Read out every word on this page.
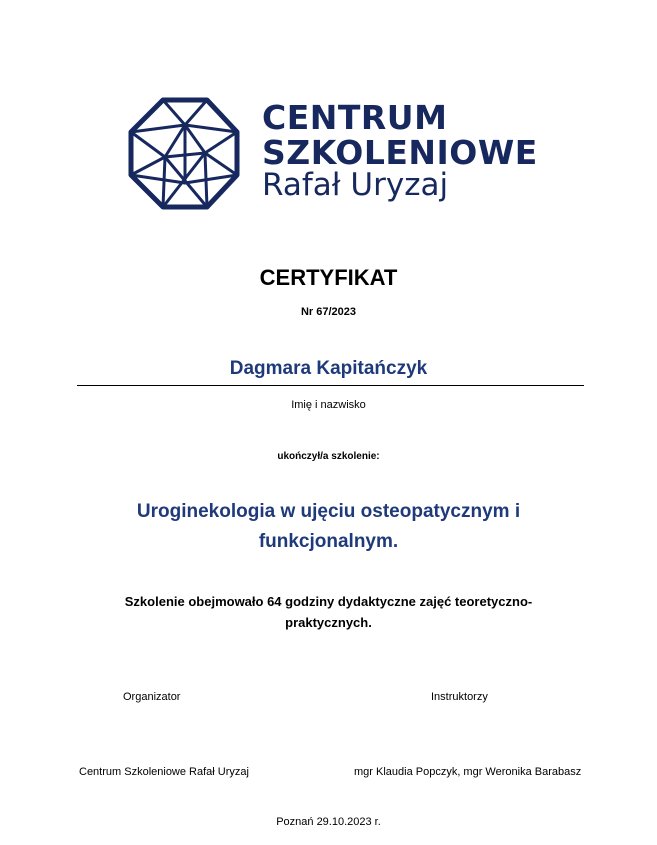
CENTRUM
SZKOLENIOWE
Rafał Uryzaj
CERTYFIKAT
Nr 67/2023
Dagmara Kapitańczyk
Imię i nazwisko
ukończył/a szkolenie:
Uroginekologia w ujęciu osteopatycznym i
funkcjonalnym.
Szkolenie obejmowało 64 godziny dydaktyczne zajęć teoretyczno-
praktycznych.
Organizator	Instruktorzy
Centrum Szkoleniowe Rafał Uryzaj	mgr Klaudia Popczyk, mgr Weronika Barabasz
Poznań 29.10.2023 r.
